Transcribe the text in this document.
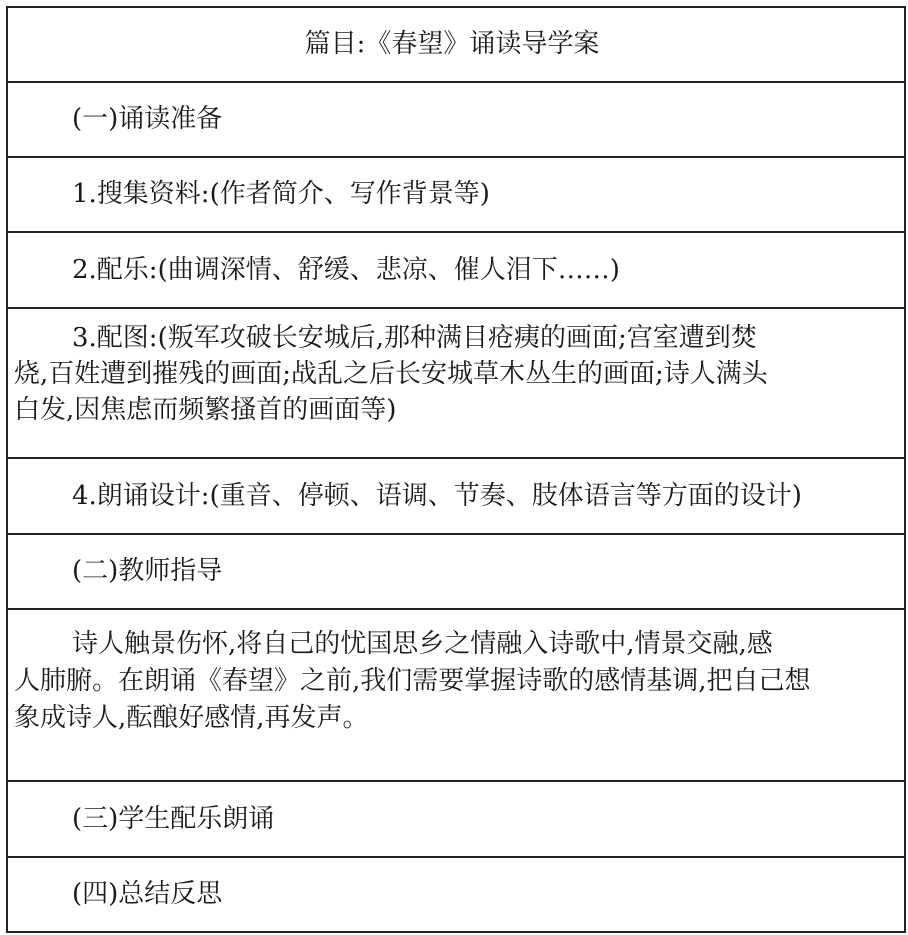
篇目:《春望》诵读导学案
(一)诵读准备
1.搜集资料:(作者简介、写作背景等)
2.配乐:(曲调深情、舒缓、悲凉、催人泪下……)
3.配图:(叛军攻破长安城后,那种满目疮痍的画面;宫室遭到焚
烧,百姓遭到摧残的画面;战乱之后长安城草木丛生的画面;诗人满头
白发,因焦虑而频繁搔首的画面等)
4.朗诵设计:(重音、停顿、语调、节奏、肢体语言等方面的设计)
(二)教师指导
诗人触景伤怀,将自己的忧国思乡之情融入诗歌中,情景交融,感
人肺腑。在朗诵《春望》之前,我们需要掌握诗歌的感情基调,把自己想
象成诗人,酝酿好感情,再发声。
(三)学生配乐朗诵
(四)总结反思
